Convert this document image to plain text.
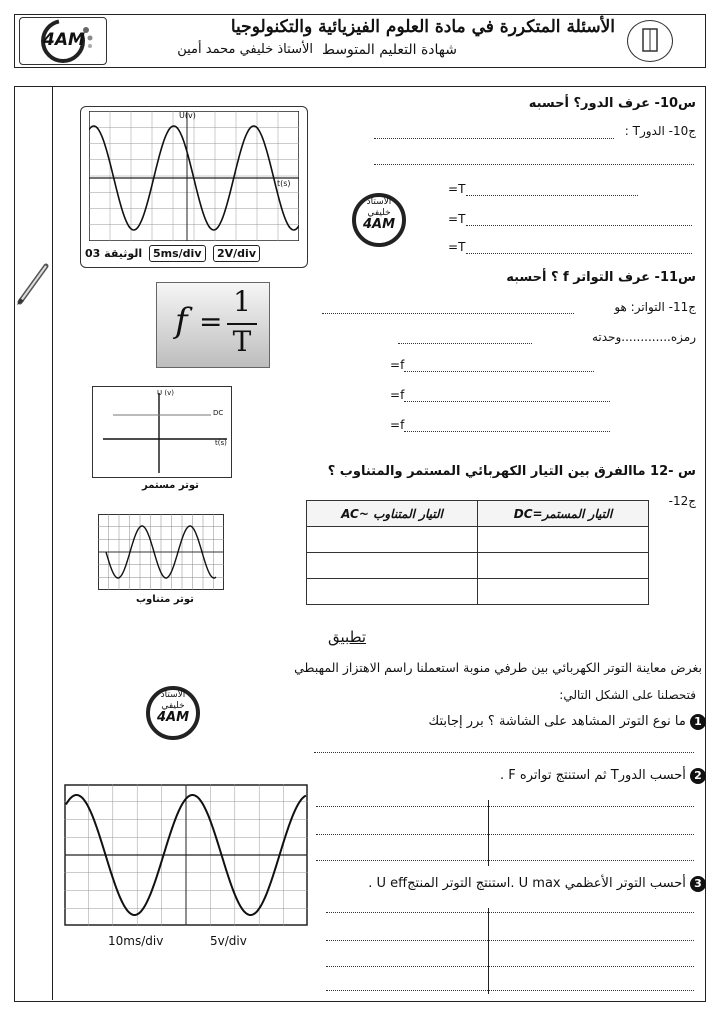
الأسئلة المتكررة في مادة العلوم الفيزيائية والتكنولوجيا
شهادة التعليم المتوسط
الأستاذ خليفي محمد أمين
4AM
U(v)
t(s)
الوثيقة 03 5ms/div	2V/div
س10- عرف الدور؟ أحسبه
ج10- الدورT :
الأستاذ
خليفي
4AM
T=
T=
T=
f =
1
T
س11- عرف التواتر f ؟ أحسبه
ج11- التواتر: هو
رمزه.............وحدته
f=
f=
f=
U (v)
t(s)
DC
توتر مستمر
توتر متناوب
س -12 ماالفرق بين التيار الكهربائي المستمر والمتناوب ؟
ج12-
التيار المستمر=DC	التيار المتناوب ~AC

تطبيق
بغرض معاينة التوتر الكهربائي بين طرفي منوبة استعملنا راسم الاهتزاز المهبطي
فتحصلنا على الشكل التالي:
الأستاذ
خليفي
4AM	1 ما نوع التوتر المشاهد على الشاشة ؟ برر إجابتك
2 أحسب الدورT ثم استنتج تواتره F .
3 أحسب التوتر الأعظمي U max .استنتج التوتر المنتجU eff .
10ms/div	5v/div
